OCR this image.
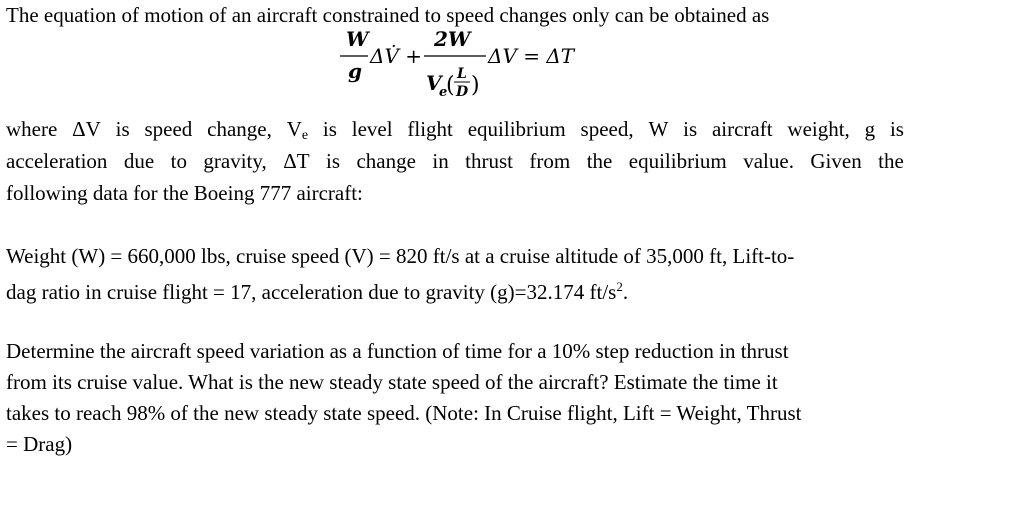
The equation of motion of an aircraft constrained to speed changes only can be obtained as
W
g
ΔV̇ +
2W
V
e
( L
D )
ΔV = ΔT
where ΔV is speed change, $V_e$ is level flight equilibrium speed, W is aircraft weight, g is
acceleration due to gravity, ΔT is change in thrust from the equilibrium value. Given the
following data for the Boeing 777 aircraft:
Weight (W) = 660,000 lbs, cruise speed (V) = 820 ft/s at a cruise altitude of 35,000 ft, Lift-to-
dag ratio in cruise flight = 17, acceleration due to gravity (g)=32.174 $ft/s^2$.
Determine the aircraft speed variation as a function of time for a 10% step reduction in thrust
from its cruise value. What is the new steady state speed of the aircraft? Estimate the time it
takes to reach 98% of the new steady state speed. (Note: In Cruise flight, Lift = Weight, Thrust
= Drag)
